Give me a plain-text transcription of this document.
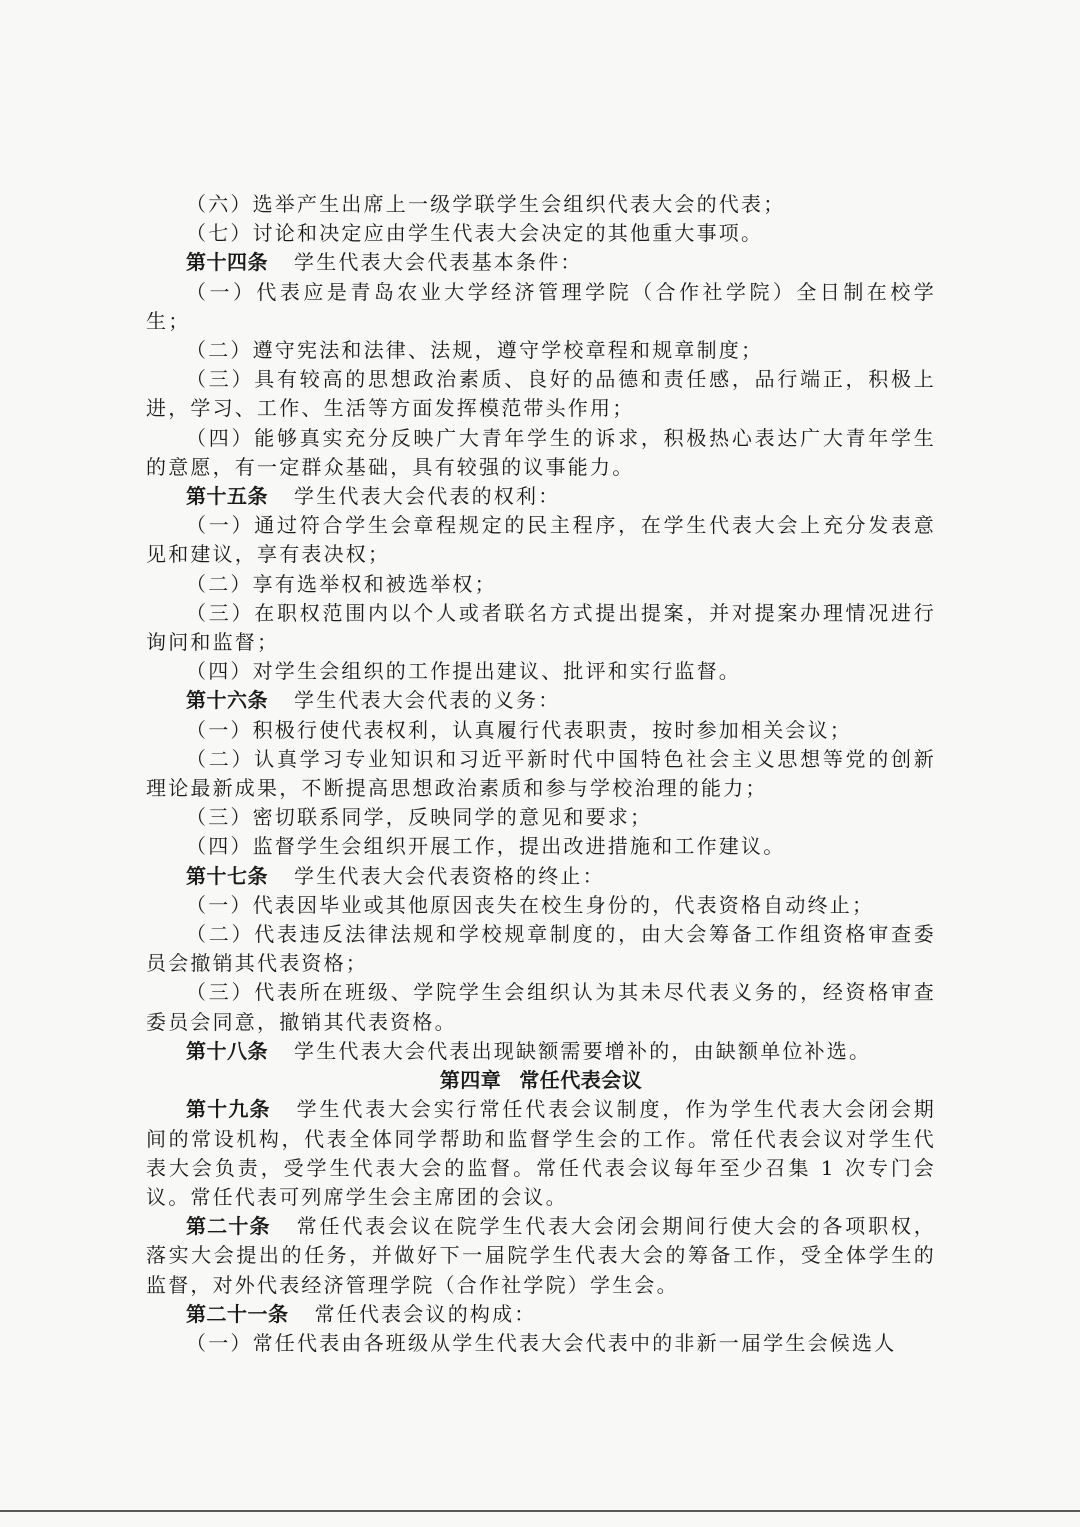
（六）选举产生出席上一级学联学生会组织代表大会的代表；

（七）讨论和决定应由学生代表大会决定的其他重大事项。

第十四条 学生代表大会代表基本条件：

（一）代表应是青岛农业大学经济管理学院（合作社学院）全日制在校学生；

（二）遵守宪法和法律、法规，遵守学校章程和规章制度；

（三）具有较高的思想政治素质、良好的品德和责任感，品行端正，积极上进，学习、工作、生活等方面发挥模范带头作用；

（四）能够真实充分反映广大青年学生的诉求，积极热心表达广大青年学生的意愿，有一定群众基础，具有较强的议事能力。

第十五条 学生代表大会代表的权利：

（一）通过符合学生会章程规定的民主程序，在学生代表大会上充分发表意见和建议，享有表决权；

（二）享有选举权和被选举权；

（三）在职权范围内以个人或者联名方式提出提案，并对提案办理情况进行询问和监督；

（四）对学生会组织的工作提出建议、批评和实行监督。

第十六条 学生代表大会代表的义务：

（一）积极行使代表权利，认真履行代表职责，按时参加相关会议；

（二）认真学习专业知识和习近平新时代中国特色社会主义思想等党的创新理论最新成果，不断提高思想政治素质和参与学校治理的能力；

（三）密切联系同学，反映同学的意见和要求；

（四）监督学生会组织开展工作，提出改进措施和工作建议。

第十七条 学生代表大会代表资格的终止：

（一）代表因毕业或其他原因丧失在校生身份的，代表资格自动终止；

（二）代表违反法律法规和学校规章制度的，由大会筹备工作组资格审查委员会撤销其代表资格；

（三）代表所在班级、学院学生会组织认为其未尽代表义务的，经资格审查委员会同意，撤销其代表资格。

第十八条 学生代表大会代表出现缺额需要增补的，由缺额单位补选。

第四章 常任代表会议

第十九条 学生代表大会实行常任代表会议制度，作为学生代表大会闭会期间的常设机构，代表全体同学帮助和监督学生会的工作。常任代表会议对学生代表大会负责，受学生代表大会的监督。常任代表会议每年至少召集 1 次专门会议。常任代表可列席学生会主席团的会议。

第二十条 常任代表会议在院学生代表大会闭会期间行使大会的各项职权，落实大会提出的任务，并做好下一届院学生代表大会的筹备工作，受全体学生的监督，对外代表经济管理学院（合作社学院）学生会。

第二十一条 常任代表会议的构成：

（一）常任代表由各班级从学生代表大会代表中的非新一届学生会候选人
